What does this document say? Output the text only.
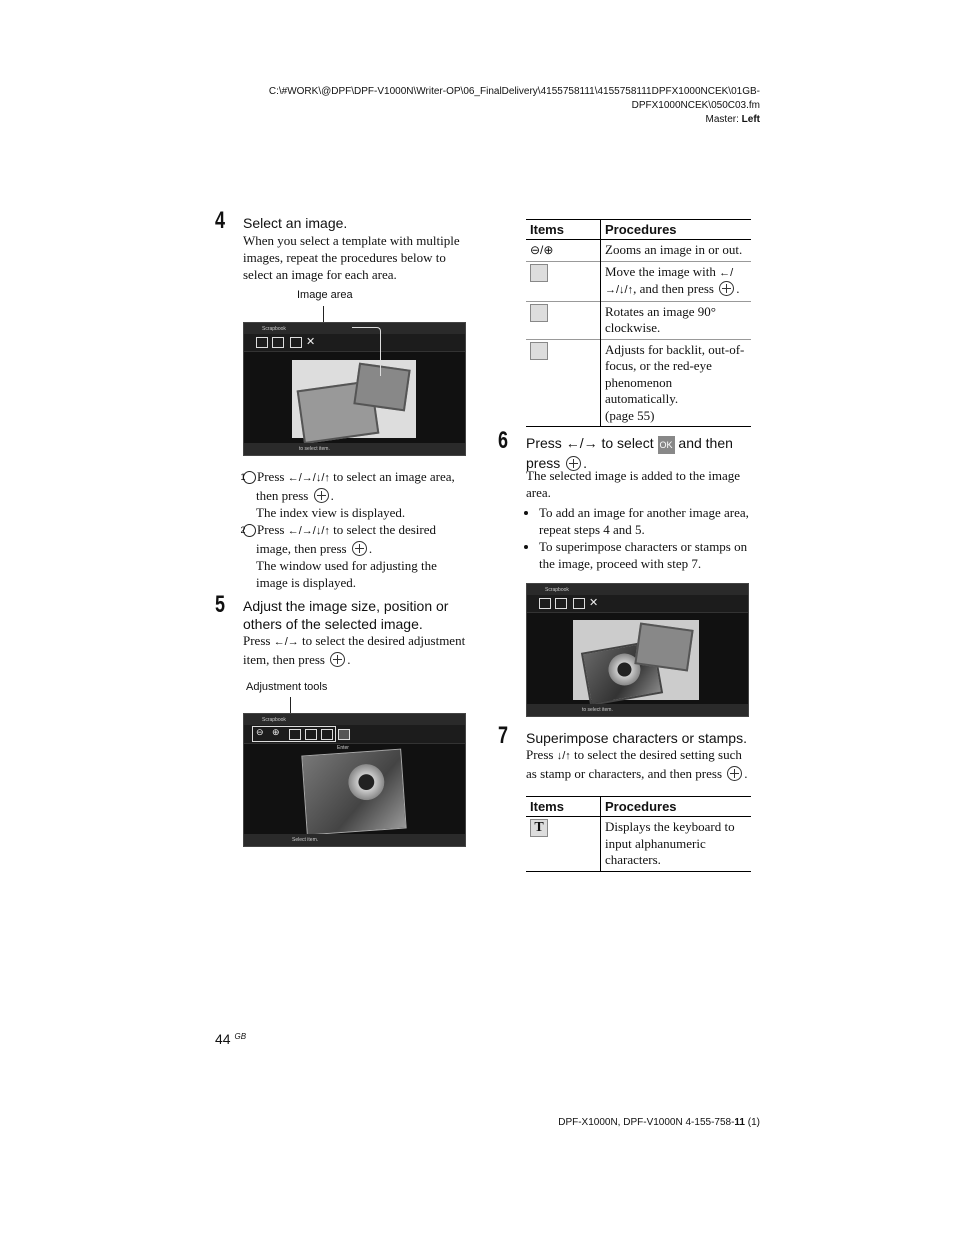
C:\#WORK\@DPF\DPF-V1000N\Writer-OP\06_FinalDelivery\4155758111\4155758111DPFX1000NCEK\01GB-
DPFX1000NCEK\050C03.fm
Master: Left
4 Select an image.
When you select a template with multiple images, repeat the procedures below to select an image for each area.
Image area
Scrapbook
✕
to select item.
1 Press ←/→/↓/↑ to select an image area, then press .
The index view is displayed.
2 Press ←/→/↓/↑ to select the desired image, then press .
The window used for adjusting the image is displayed.
5 Adjust the image size, position or others of the selected image.
Press ←/→ to select the desired adjustment item, then press .
Adjustment tools
Scrapbook
⊖ ⊕
Enter
Select item.
Items	Procedures
⊖/⊕	Zooms an image in or out.
	Move the image with ←/→/↓/↑, and then press .
	Rotates an image 90° clockwise.
	Adjusts for backlit, out-of-focus, or the red-eye phenomenon automatically.
(page 55)
6 Press ←/→ to select OK and then press .
The selected image is added to the image area.
• To add an image for another image area, repeat steps 4 and 5.
• To superimpose characters or stamps on the image, proceed with step 7.
Scrapbook
✕
to select item.
7 Superimpose characters or stamps.
Press ↓/↑ to select the desired setting such as stamp or characters, and then press .
Items	Procedures
T	Displays the keyboard to input alphanumeric characters.
44 $^{GB}$
DPF-X1000N, DPF-V1000N 4-155-758-11 (1)
